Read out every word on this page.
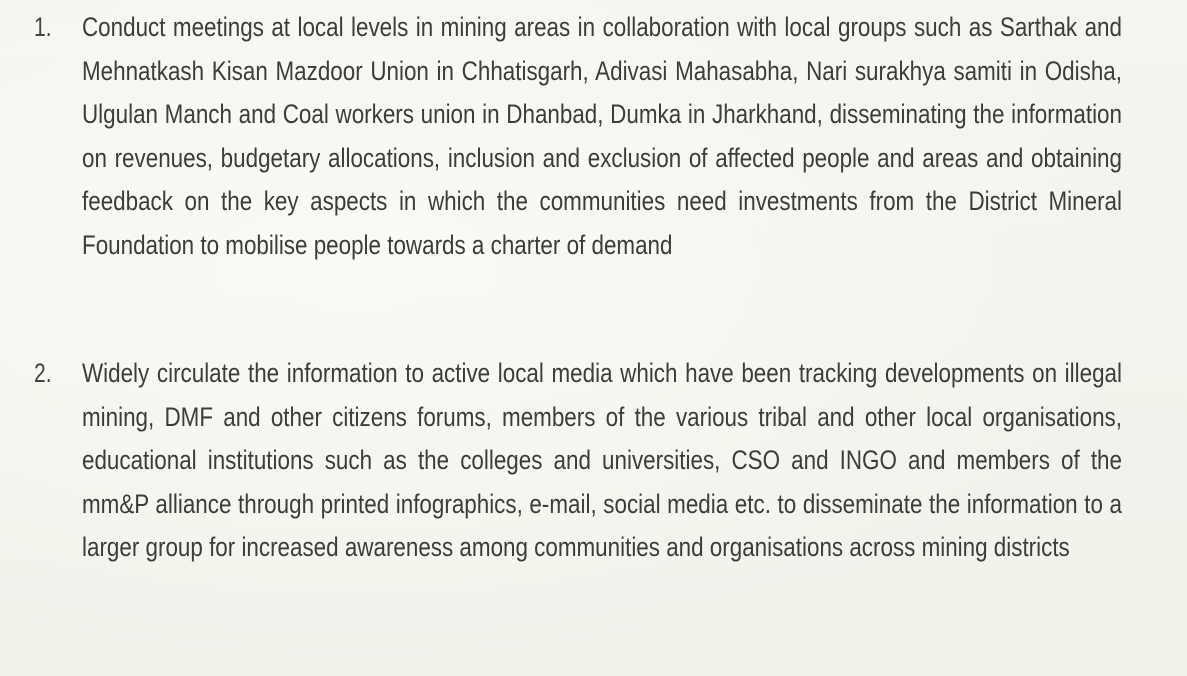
1. Conduct meetings at local levels in mining areas in collaboration with local groups such as Sarthak and Mehnatkash Kisan Mazdoor Union in Chhatisgarh, Adivasi Mahasabha, Nari surakhya samiti in Odisha, Ulgulan Manch and Coal workers union in Dhanbad, Dumka in Jharkhand, disseminating the information on revenues, budgetary allocations, inclusion and exclusion of affected people and areas and obtaining feedback on the key aspects in which the communities need investments from the District Mineral Foundation to mobilise people towards a charter of demand
2. Widely circulate the information to active local media which have been tracking developments on illegal mining, DMF and other citizens forums, members of the various tribal and other local organisations, educational institutions such as the colleges and universities, CSO and INGO and members of the mm&P alliance through printed infographics, e-mail, social media etc. to disseminate the information to a larger group for increased awareness among communities and organisations across mining districts
